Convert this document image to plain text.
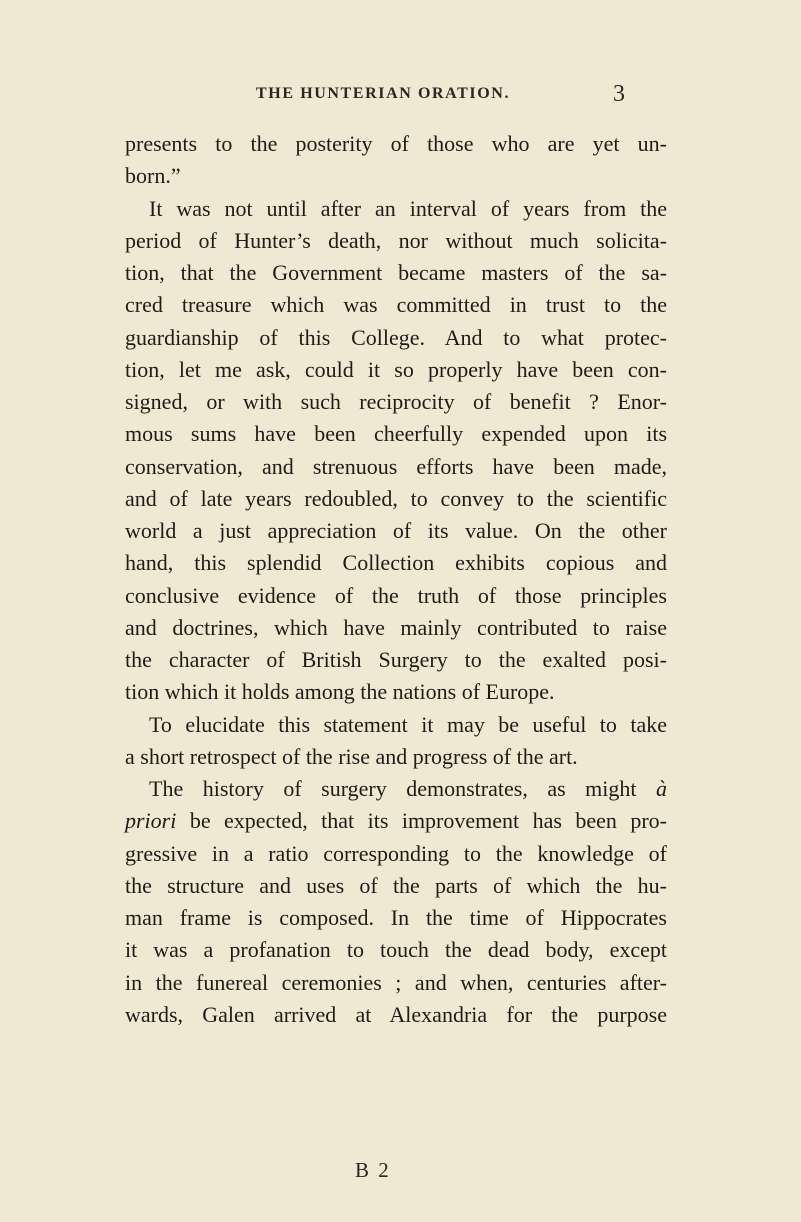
THE HUNTERIAN ORATION.	3
presents to the posterity of those who are yet un-
born.”
It was not until after an interval of years from the
period of Hunter’s death, nor without much solicita-
tion, that the Government became masters of the sa-
cred treasure which was committed in trust to the
guardianship of this College. And to what protec-
tion, let me ask, could it so properly have been con-
signed, or with such reciprocity of benefit ? Enor-
mous sums have been cheerfully expended upon its
conservation, and strenuous efforts have been made,
and of late years redoubled, to convey to the scientific
world a just appreciation of its value. On the other
hand, this splendid Collection exhibits copious and
conclusive evidence of the truth of those principles
and doctrines, which have mainly contributed to raise
the character of British Surgery to the exalted posi-
tion which it holds among the nations of Europe.
To elucidate this statement it may be useful to take
a short retrospect of the rise and progress of the art.
The history of surgery demonstrates, as might à
priori be expected, that its improvement has been pro-
gressive in a ratio corresponding to the knowledge of
the structure and uses of the parts of which the hu-
man frame is composed. In the time of Hippocrates
it was a profanation to touch the dead body, except
in the funereal ceremonies ; and when, centuries after-
wards, Galen arrived at Alexandria for the purpose
B 2
